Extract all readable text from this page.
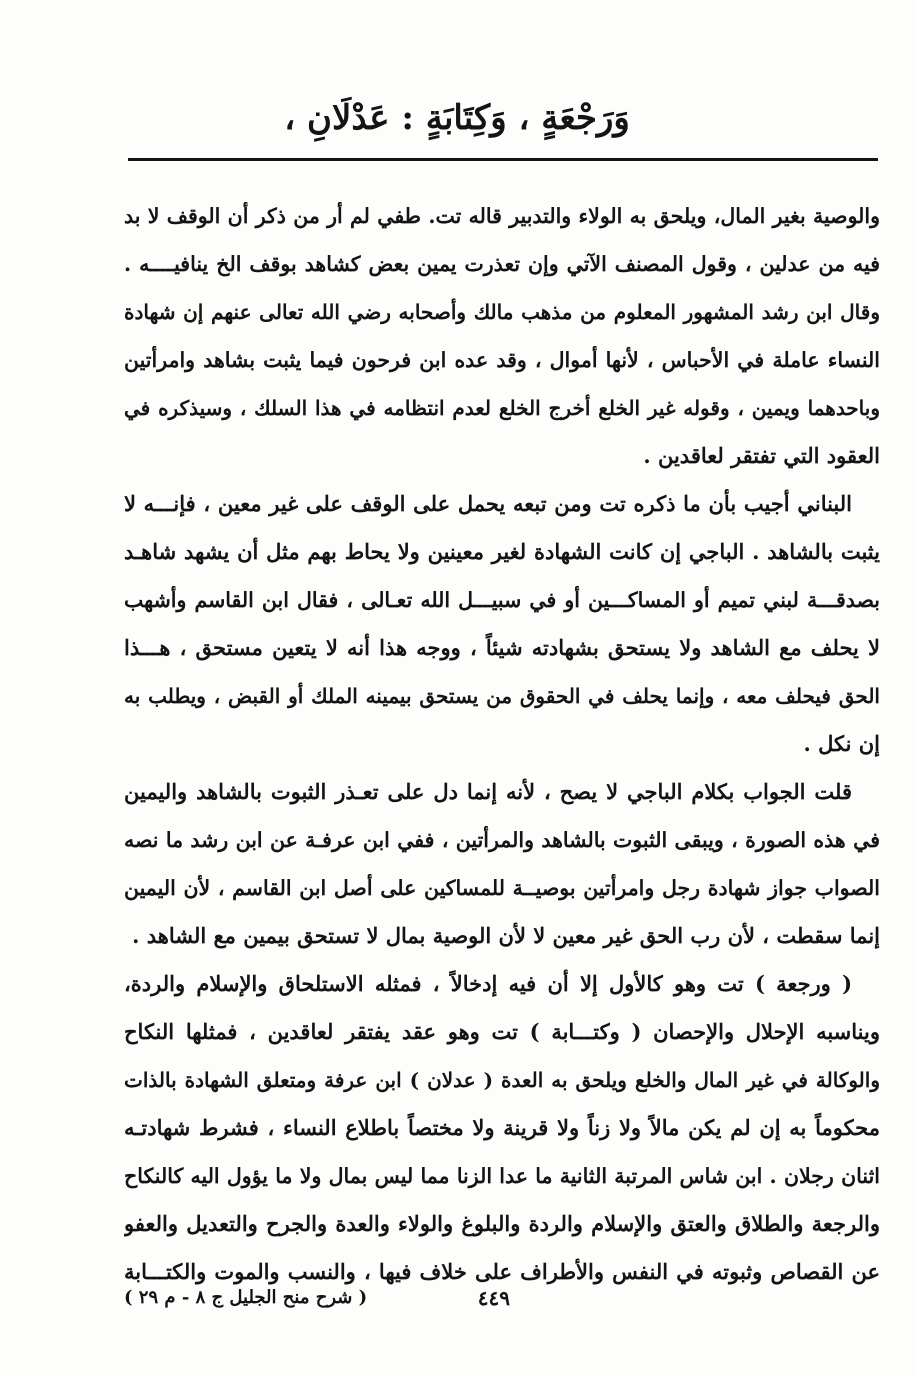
وَرَجْعَةٍ ، وَكِتَابَةٍ : عَدْلَانِ ،
والوصية بغير المال، ويلحق به الولاء والتدبير قاله تت. طفي لم أر من ذكر أن الوقف لا بد
فيه من عدلين ، وقول المصنف الآتي وإن تعذرت يمين بعض كشاهد بوقف الخ ينافيــــه .
وقال ابن رشد المشهور المعلوم من مذهب مالك وأصحابه رضي الله تعالى عنهم إن شهادة
النساء عاملة في الأحباس ، لأنها أموال ، وقد عده ابن فرحون فيما يثبت بشاهد وامرأتين
وباحدهما ويمين ، وقوله غير الخلع أخرج الخلع لعدم انتظامه في هذا السلك ، وسيذكره في
العقود التي تفتقر لعاقدين .
البناني أجيب بأن ما ذكره تت ومن تبعه يحمل على الوقف على غير معين ، فإنـــه لا
يثبت بالشاهد . الباجي إن كانت الشهادة لغير معينين ولا يحاط بهم مثل أن يشهد شاهـد
بصدقـــة لبني تميم أو المساكـــين أو في سبيـــل الله تعـالى ، فقال ابن القاسم وأشهب
لا يحلف مع الشاهد ولا يستحق بشهادته شيئاً ، ووجه هذا أنه لا يتعين مستحق ، هـــذا
الحق فيحلف معه ، وإنما يحلف في الحقوق من يستحق بيمينه الملك أو القبض ، ويطلب به
إن نكل .
قلت الجواب بكلام الباجي لا يصح ، لأنه إنما دل على تعـذر الثبوت بالشاهد واليمين
في هذه الصورة ، ويبقى الثبوت بالشاهد والمرأتين ، ففي ابن عرفـة عن ابن رشد ما نصه
الصواب جواز شهادة رجل وامرأتين بوصيــة للمساكين على أصل ابن القاسم ، لأن اليمين
إنما سقطت ، لأن رب الحق غير معين لا لأن الوصية بمال لا تستحق بيمين مع الشاهد .
( ورجعة ) تت وهو كالأول إلا أن فيه إدخالاً ، فمثله الاستلحاق والإسلام والردة،
ويناسبه الإحلال والإحصان ( وكتـــابة ) تت وهو عقد يفتقر لعاقدين ، فمثلها النكاح
والوكالة في غير المال والخلع ويلحق به العدة ( عدلان ) ابن عرفة ومتعلق الشهادة بالذات
محكوماً به إن لم يكن مالاً ولا زناً ولا قرينة ولا مختصاً باطلاع النساء ، فشرط شهادتـه
اثنان رجلان . ابن شاس المرتبة الثانية ما عدا الزنا مما ليس بمال ولا ما يؤول اليه كالنكاح
والرجعة والطلاق والعتق والإسلام والردة والبلوغ والولاء والعدة والجرح والتعديل والعفو
عن القصاص وثبوته في النفس والأطراف على خلاف فيها ، والنسب والموت والكتـــابة
٤٤٩
( شرح منح الجليل ج ٨ - م ٢٩ )
